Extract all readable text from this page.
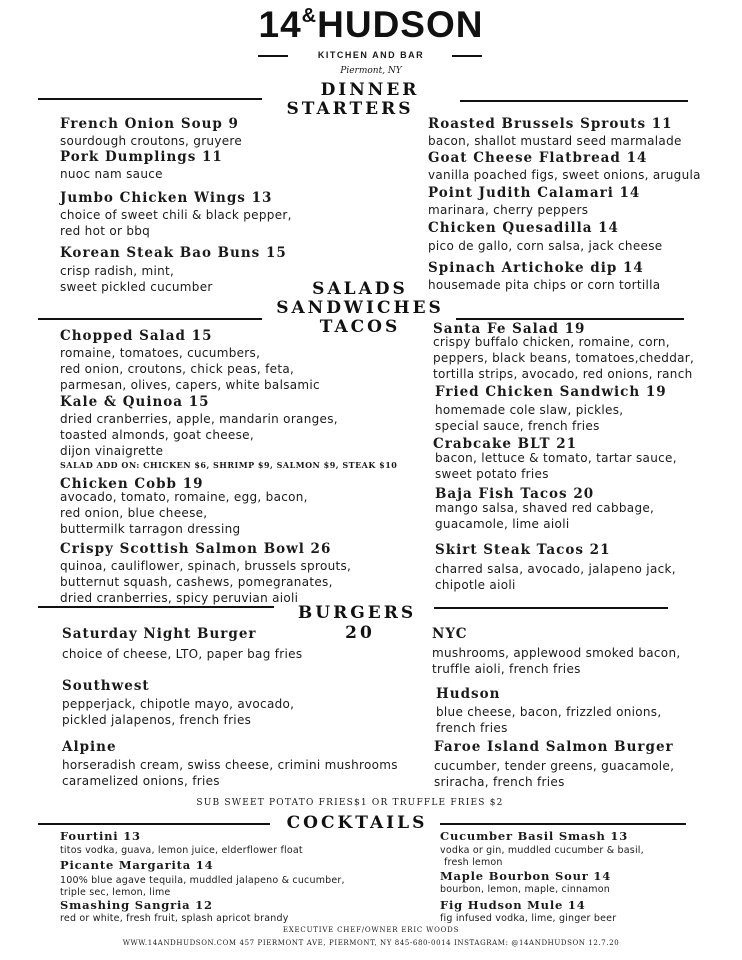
14&HUDSON
KITCHEN AND BAR
Piermont, NY
DINNER
STARTERS
French Onion Soup 9
sourdough croutons, gruyere
Pork Dumplings 11
nuoc nam sauce
Jumbo Chicken Wings 13
choice of sweet chili & black pepper,
red hot or bbq
Korean Steak Bao Buns 15
crisp radish, mint,
sweet pickled cucumber
Roasted Brussels Sprouts 11
bacon, shallot mustard seed marmalade
Goat Cheese Flatbread 14
vanilla poached figs, sweet onions, arugula
Point Judith Calamari 14
marinara, cherry peppers
Chicken Quesadilla 14
pico de gallo, corn salsa, jack cheese
Spinach Artichoke dip 14
housemade pita chips or corn tortilla
SALADS
SANDWICHES
TACOS
Chopped Salad 15
romaine, tomatoes, cucumbers,
red onion, croutons, chick peas, feta,
parmesan, olives, capers, white balsamic
Kale & Quinoa 15
dried cranberries, apple, mandarin oranges,
toasted almonds, goat cheese,
dijon vinaigrette
SALAD ADD ON: CHICKEN $6, SHRIMP $9, SALMON $9, STEAK $10
Chicken Cobb 19
avocado, tomato, romaine, egg, bacon,
red onion, blue cheese,
buttermilk tarragon dressing
Crispy Scottish Salmon Bowl 26
quinoa, cauliflower, spinach, brussels sprouts,
butternut squash, cashews, pomegranates,
dried cranberries, spicy peruvian aioli
Santa Fe Salad 19
crispy buffalo chicken, romaine, corn,
peppers, black beans, tomatoes,cheddar,
tortilla strips, avocado, red onions, ranch
Fried Chicken Sandwich 19
homemade cole slaw, pickles,
special sauce, french fries
Crabcake BLT 21
bacon, lettuce & tomato, tartar sauce,
sweet potato fries
Baja Fish Tacos 20
mango salsa, shaved red cabbage,
guacamole, lime aioli
Skirt Steak Tacos 21
charred salsa, avocado, jalapeno jack,
chipotle aioli
BURGERS
20
Saturday Night Burger
choice of cheese, LTO, paper bag fries
Southwest
pepperjack, chipotle mayo, avocado,
pickled jalapenos, french fries
Alpine
horseradish cream, swiss cheese, crimini mushrooms
caramelized onions, fries
NYC
mushrooms, applewood smoked bacon,
truffle aioli, french fries
Hudson
blue cheese, bacon, frizzled onions,
french fries
Faroe Island Salmon Burger
cucumber, tender greens, guacamole,
sriracha, french fries
SUB SWEET POTATO FRIES$1 OR TRUFFLE FRIES $2
COCKTAILS
Fourtini 13
titos vodka, guava, lemon juice, elderflower float
Picante Margarita 14
100% blue agave tequila, muddled jalapeno & cucumber,
triple sec, lemon, lime
Smashing Sangria 12
red or white, fresh fruit, splash apricot brandy
Cucumber Basil Smash 13
vodka or gin, muddled cucumber & basil,
fresh lemon
Maple Bourbon Sour 14
bourbon, lemon, maple, cinnamon
Fig Hudson Mule 14
fig infused vodka, lime, ginger beer
EXECUTIVE CHEF/OWNER ERIC WOODS
WWW.14ANDHUDSON.COM 457 PIERMONT AVE, PIERMONT, NY 845-680-0014 INSTAGRAM: @14ANDHUDSON 12.7.20
